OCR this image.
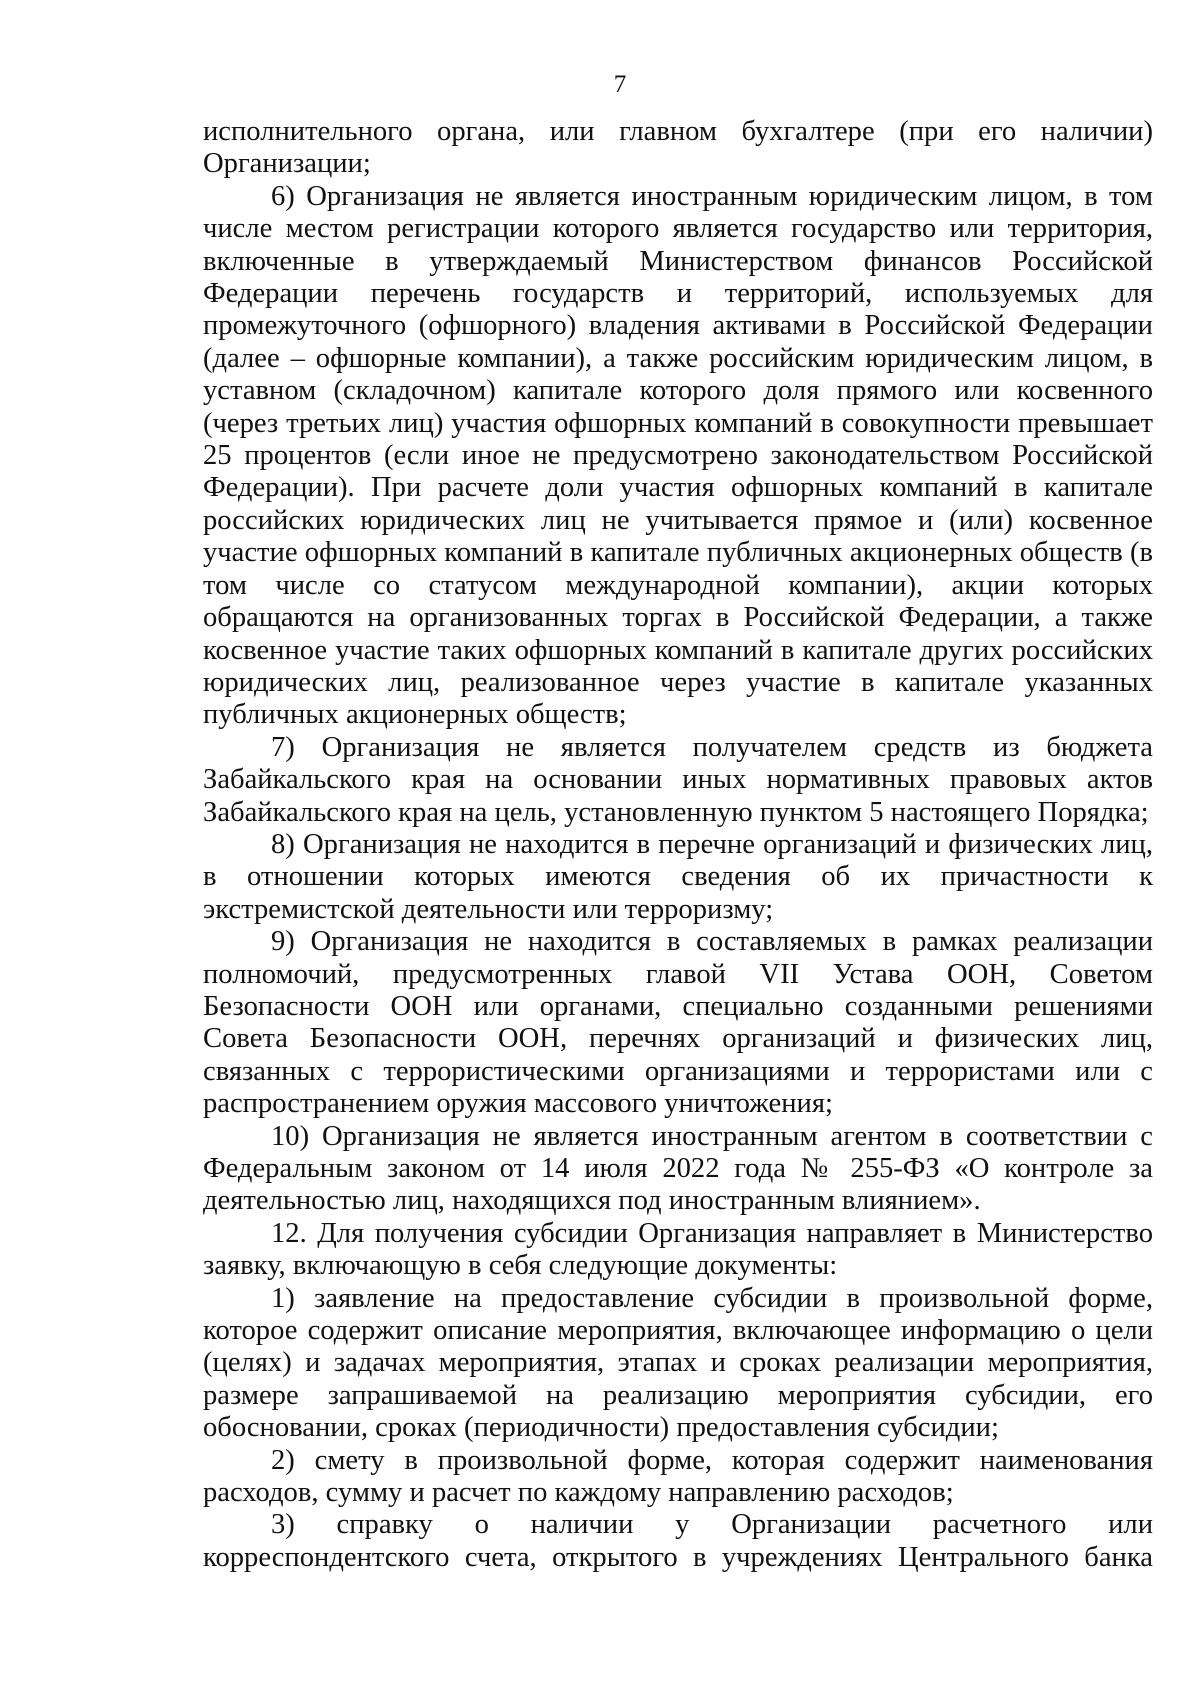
7

исполнительного органа, или главном бухгалтере (при его наличии) Организации;

6) Организация не является иностранным юридическим лицом, в том числе местом регистрации которого является государство или территория, включенные в утверждаемый Министерством финансов Российской Федерации перечень государств и территорий, используемых для промежуточного (офшорного) владения активами в Российской Федерации (далее – офшорные компании), а также российским юридическим лицом, в уставном (складочном) капитале которого доля прямого или косвенного (через третьих лиц) участия офшорных компаний в совокупности превышает 25 процентов (если иное не предусмотрено законодательством Российской Федерации). При расчете доли участия офшорных компаний в капитале российских юридических лиц не учитывается прямое и (или) косвенное участие офшорных компаний в капитале публичных акционерных обществ (в том числе со статусом международной компании), акции которых обращаются на организованных торгах в Российской Федерации, а также косвенное участие таких офшорных компаний в капитале других российских юридических лиц, реализованное через участие в капитале указанных публичных акционерных обществ;

7) Организация не является получателем средств из бюджета Забайкальского края на основании иных нормативных правовых актов Забайкальского края на цель, установленную пунктом 5 настоящего Порядка;

8) Организация не находится в перечне организаций и физических лиц, в отношении которых имеются сведения об их причастности к экстремистской деятельности или терроризму;

9) Организация не находится в составляемых в рамках реализации полномочий, предусмотренных главой VII Устава ООН, Советом Безопасности ООН или органами, специально созданными решениями Совета Безопасности ООН, перечнях организаций и физических лиц, связанных с террористическими организациями и террористами или с распространением оружия массового уничтожения;

10) Организация не является иностранным агентом в соответствии с Федеральным законом от 14 июля 2022 года № 255-ФЗ «О контроле за деятельностью лиц, находящихся под иностранным влиянием».

12. Для получения субсидии Организация направляет в Министерство заявку, включающую в себя следующие документы:

1) заявление на предоставление субсидии в произвольной форме, которое содержит описание мероприятия, включающее информацию о цели (целях) и задачах мероприятия, этапах и сроках реализации мероприятия, размере запрашиваемой на реализацию мероприятия субсидии, его обосновании, сроках (периодичности) предоставления субсидии;

2) смету в произвольной форме, которая содержит наименования расходов, сумму и расчет по каждому направлению расходов;

3) справку о наличии у Организации расчетного или корреспондентского счета, открытого в учреждениях Центрального банка
